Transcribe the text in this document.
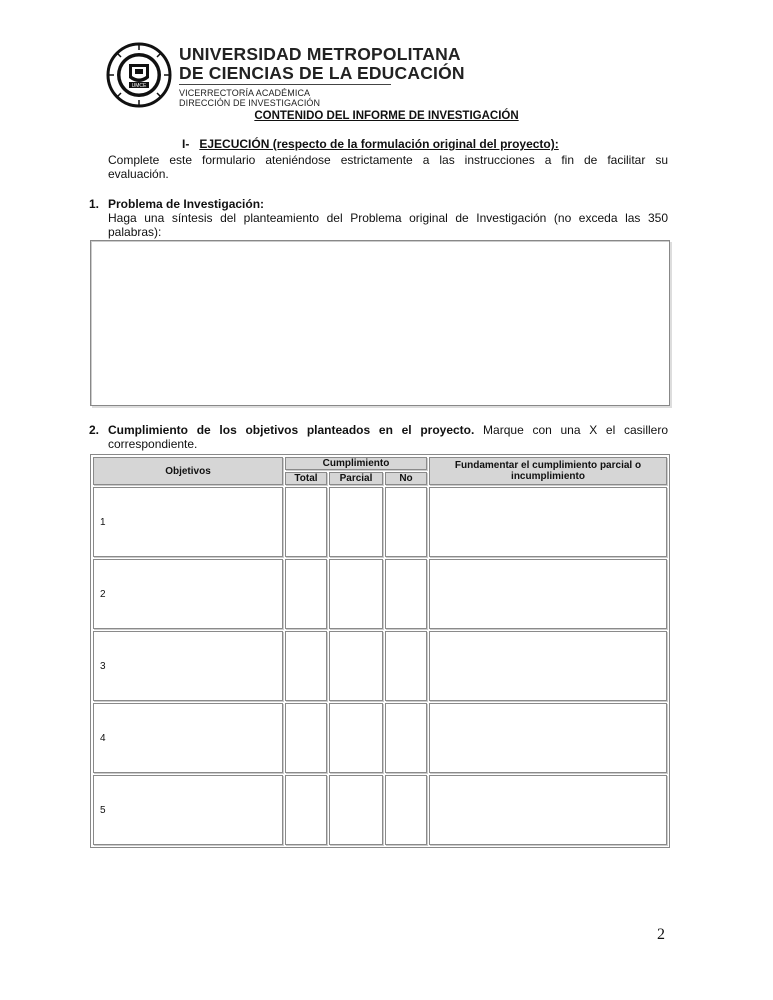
UMCE
UNIVERSIDAD METROPOLITANA
DE CIENCIAS DE LA EDUCACIÓN
VICERRECTORÍA ACADÉMICA
DIRECCIÓN DE INVESTIGACIÓN
CONTENIDO DEL INFORME DE INVESTIGACIÓN
I- EJECUCIÓN (respecto de la formulación original del proyecto):
Complete este formulario ateniéndose estrictamente a las instrucciones a fin de facilitar su
evaluación.
1. Problema de Investigación:
Haga una síntesis del planteamiento del Problema original de Investigación (no exceda las 350
palabras):
2. Cumplimiento de los objetivos planteados en el proyecto. Marque con una X el casillero
correspondiente.
Objetivos	Cumplimiento			Fundamentar el cumplimiento parcial o incumplimiento
	Total	Parcial	No	
1				
2				
3				
4				
5				
2
